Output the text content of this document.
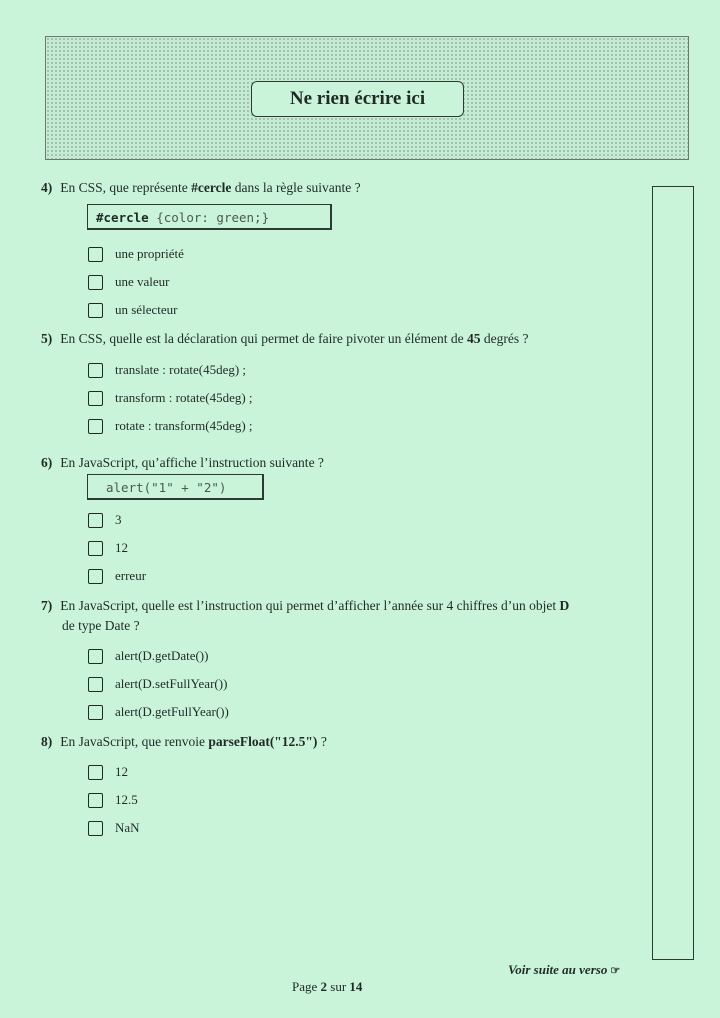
Ne rien écrire ici
4) En CSS, que représente #cercle dans la règle suivante ?
#cercle {color: green;}
une propriété
une valeur
un sélecteur
5) En CSS, quelle est la déclaration qui permet de faire pivoter un élément de 45 degrés ?
translate : rotate(45deg) ;
transform : rotate(45deg) ;
rotate : transform(45deg) ;
6) En JavaScript, qu’affiche l’instruction suivante ?
alert("1" + "2")
3
12
erreur
7) En JavaScript, quelle est l’instruction qui permet d’afficher l’année sur 4 chiffres d’un objet D
de type Date ?
alert(D.getDate())
alert(D.setFullYear())
alert(D.getFullYear())
8) En JavaScript, que renvoie parseFloat("12.5") ?
12
12.5
NaN
Voir suite au verso ☞
Page 2 sur 14
